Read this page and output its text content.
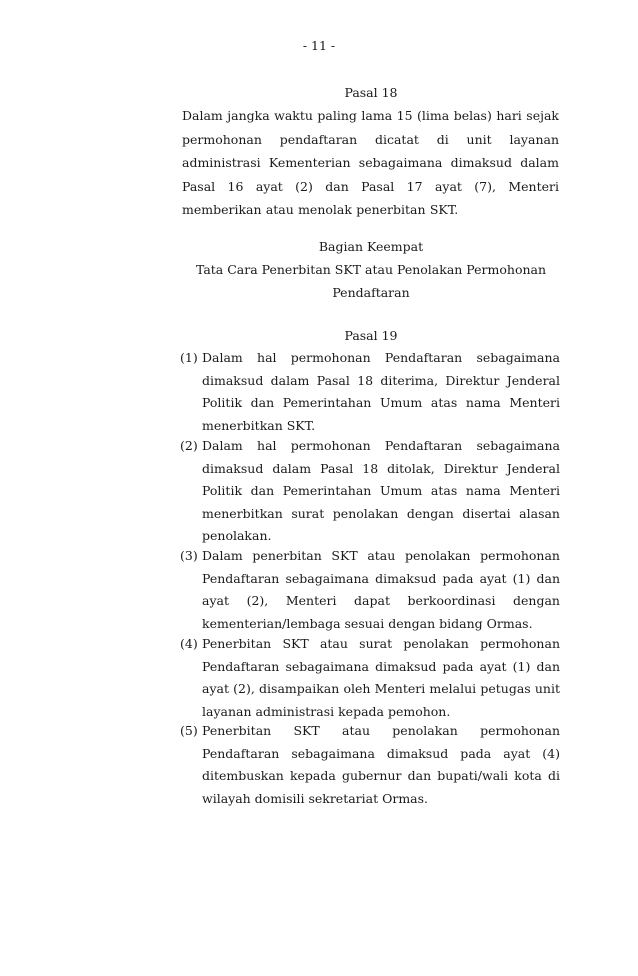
- 11 -
Pasal 18
Dalam jangka waktu paling lama 15 (lima belas) hari sejak permohonan pendaftaran dicatat di unit layanan administrasi Kementerian sebagaimana dimaksud dalam Pasal 16 ayat (2) dan Pasal 17 ayat (7), Menteri memberikan atau menolak penerbitan SKT.
Bagian Keempat
Tata Cara Penerbitan SKT atau Penolakan Permohonan
Pendaftaran
Pasal 19
(1) Dalam hal permohonan Pendaftaran sebagaimana dimaksud dalam Pasal 18 diterima, Direktur Jenderal Politik dan Pemerintahan Umum atas nama Menteri menerbitkan SKT.
(2) Dalam hal permohonan Pendaftaran sebagaimana dimaksud dalam Pasal 18 ditolak, Direktur Jenderal Politik dan Pemerintahan Umum atas nama Menteri menerbitkan surat penolakan dengan disertai alasan penolakan.
(3) Dalam penerbitan SKT atau penolakan permohonan Pendaftaran sebagaimana dimaksud pada ayat (1) dan ayat (2), Menteri dapat berkoordinasi dengan kementerian/lembaga sesuai dengan bidang Ormas.
(4) Penerbitan SKT atau surat penolakan permohonan Pendaftaran sebagaimana dimaksud pada ayat (1) dan ayat (2), disampaikan oleh Menteri melalui petugas unit layanan administrasi kepada pemohon.
(5) Penerbitan SKT atau penolakan permohonan Pendaftaran sebagaimana dimaksud pada ayat (4) ditembuskan kepada gubernur dan bupati/wali kota di wilayah domisili sekretariat Ormas.
